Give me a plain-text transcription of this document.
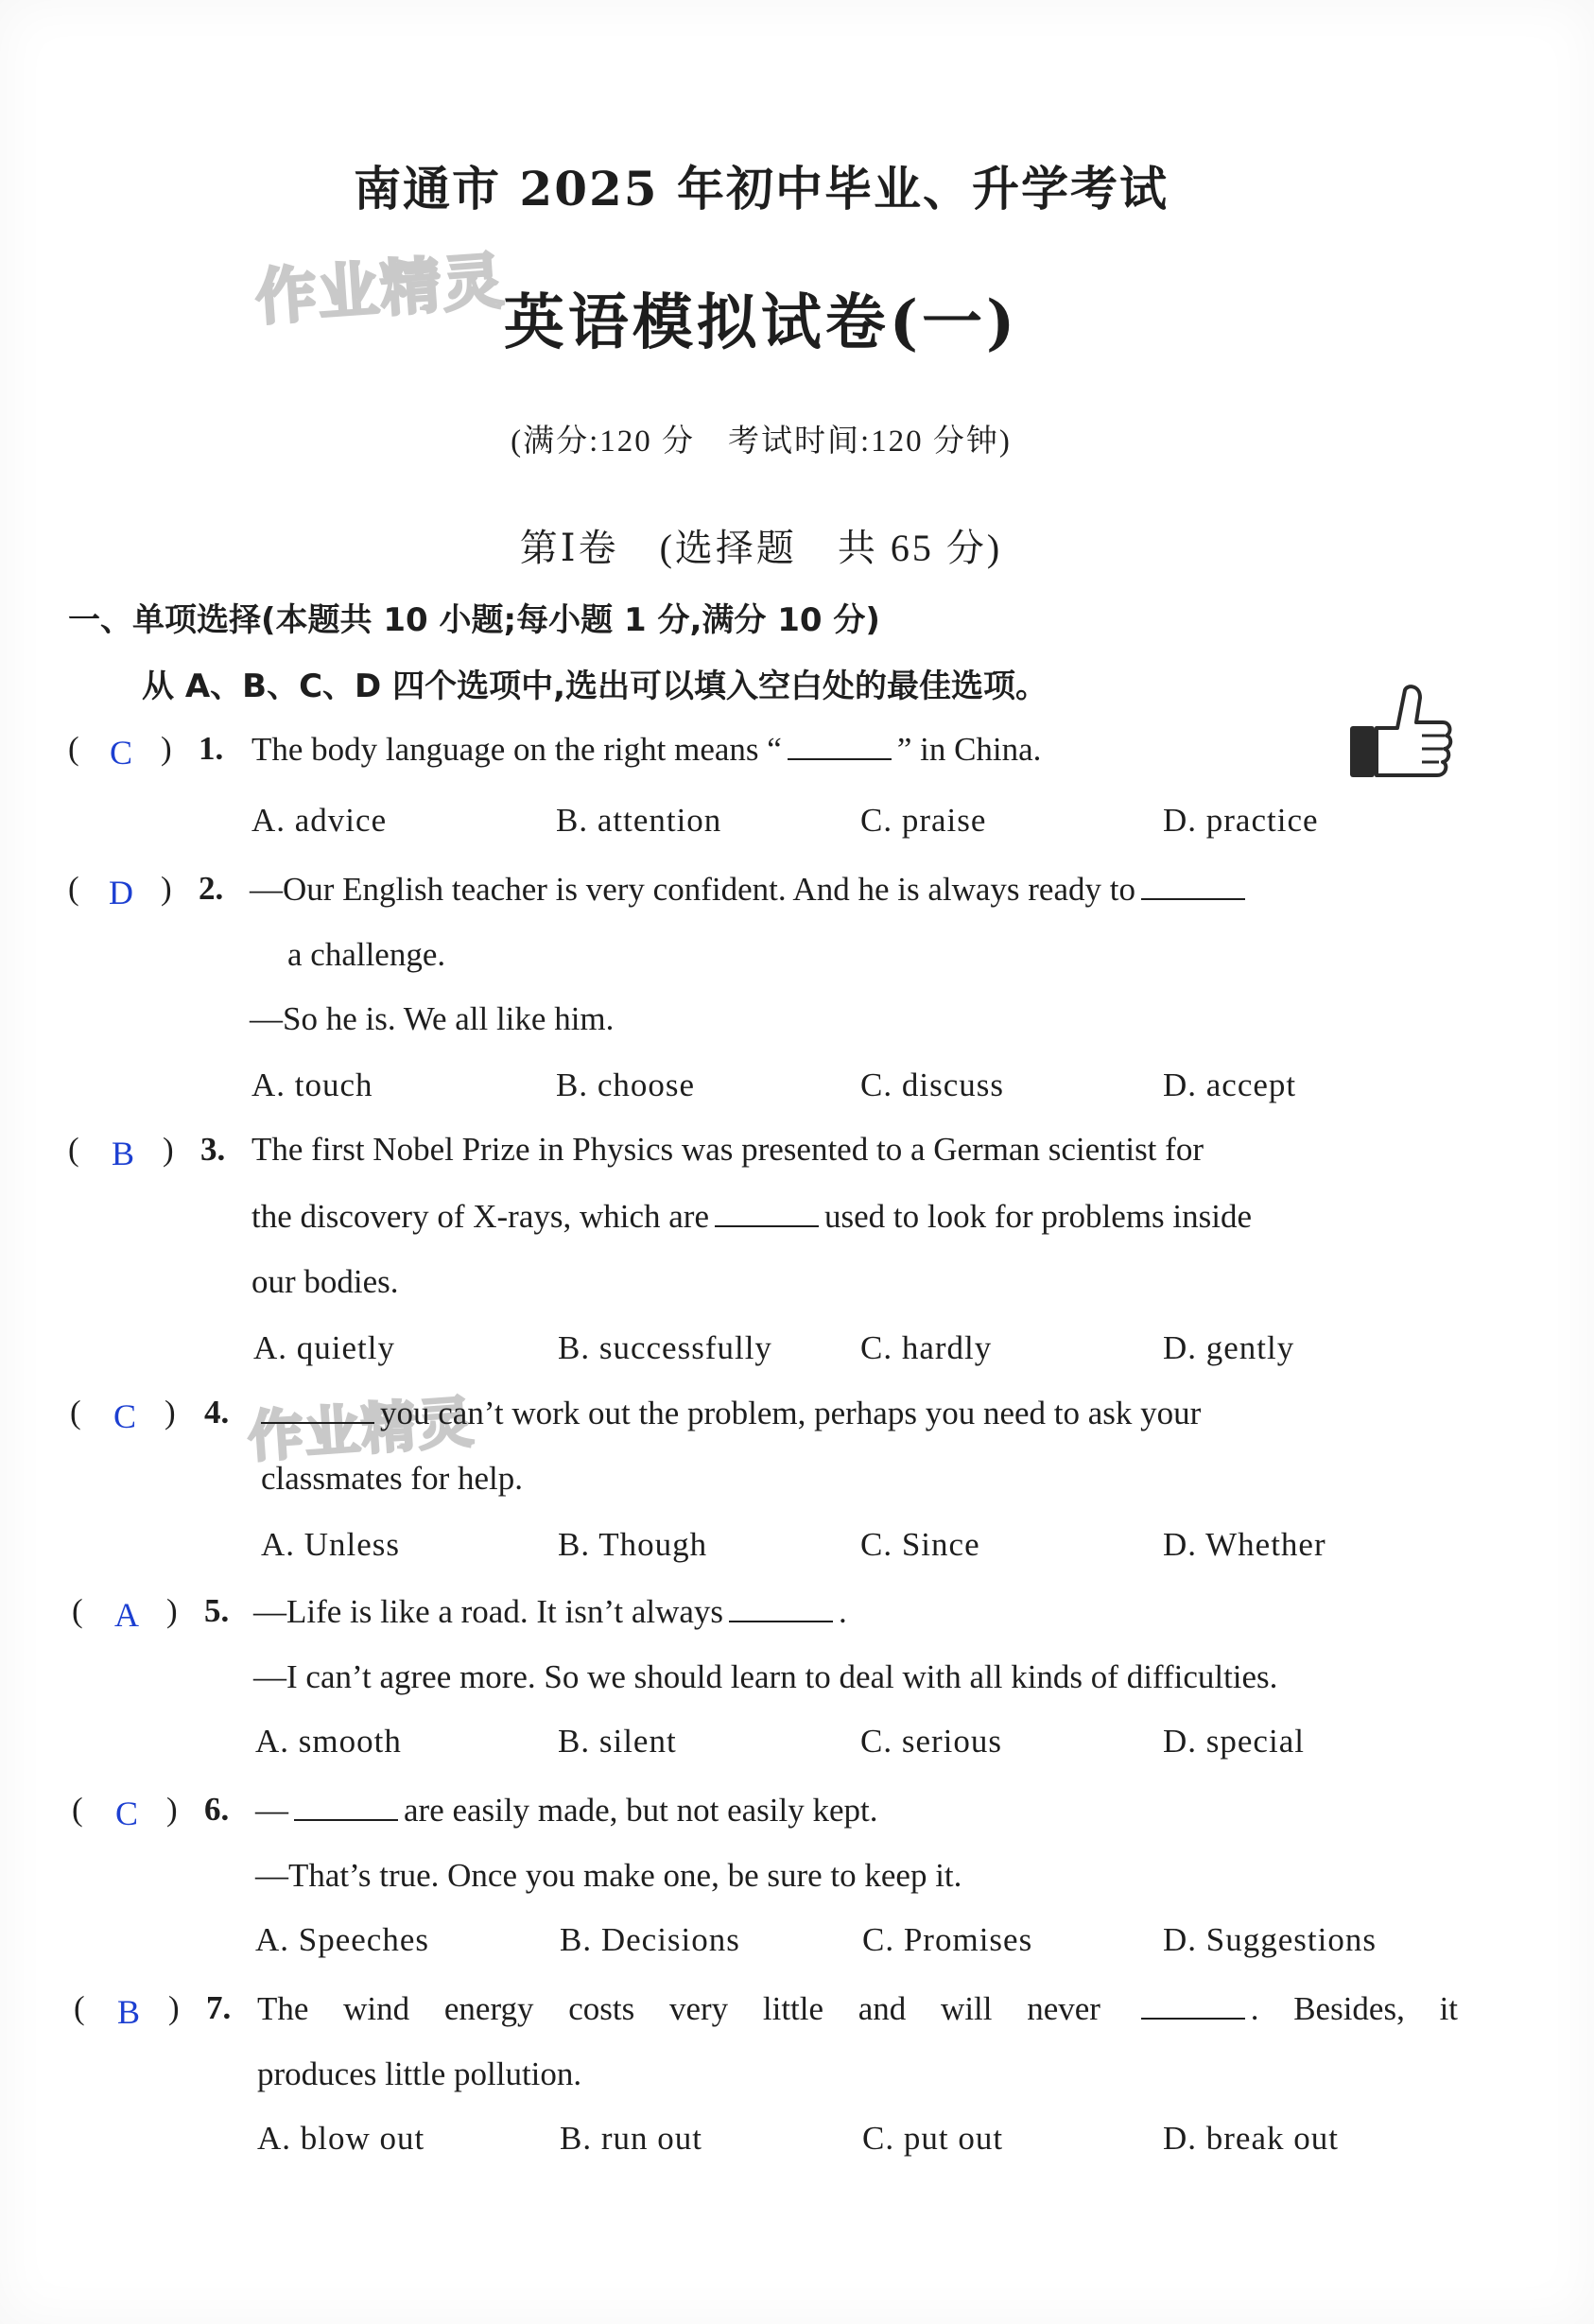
作业精灵
作业精灵
南通市 2025 年初中毕业、升学考试
英语模拟试卷(一)
(满分:120 分　考试时间:120 分钟)
第Ⅰ卷　(选择题　共 65 分)
一、单项选择(本题共 10 小题;每小题 1 分,满分 10 分)
从 A、B、C、D 四个选项中,选出可以填入空白处的最佳选项。
( C ) 1. The body language on the right means “	” in China.
A. advice	B. attention	C. praise	D. practice
( D ) 2. —Our English teacher is very confident. And he is always ready to
a challenge.
—So he is. We all like him.
A. touch	B. choose	C. discuss	D. accept
( B ) 3. The first Nobel Prize in Physics was presented to a German scientist for
the discovery of X-rays, which are	used to look for problems inside
our bodies.
A. quietly	B. successfully	C. hardly	D. gently
( C ) 4.	you can’t work out the problem, perhaps you need to ask your
classmates for help.
A. Unless	B. Though	C. Since	D. Whether
( A ) 5. —Life is like a road. It isn’t always	.
—I can’t agree more. So we should learn to deal with all kinds of difficulties.
A. smooth	B. silent	C. serious	D. special
( C ) 6. —	are easily made, but not easily kept.
—That’s true. Once you make one, be sure to keep it.
A. Speeches	B. Decisions	C. Promises	D. Suggestions
( B ) 7. The wind energy costs very little and will never	. Besides, it
produces little pollution.
A. blow out	B. run out	C. put out	D. break out
